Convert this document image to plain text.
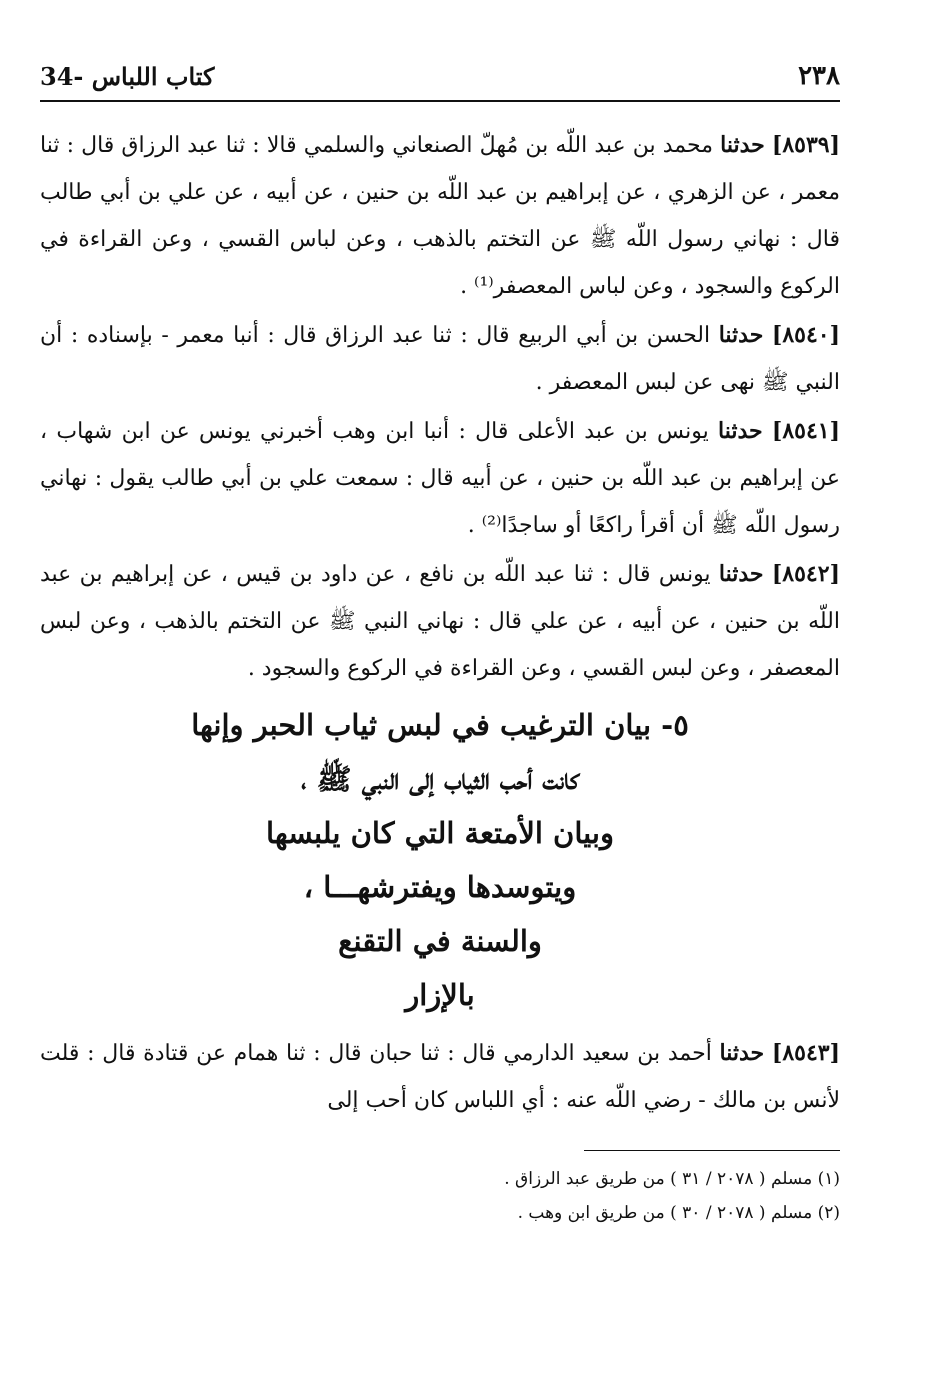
34- كتاب اللباس	٢٣٨

[٨٥٣٩] حدثنا محمد بن عبد اللّه بن مُهلّ الصنعاني والسلمي قالا : ثنا عبد الرزاق قال : ثنا معمر ، عن الزهري ، عن إبراهيم بن عبد اللّه بن حنين ، عن أبيه ، عن علي بن أبي طالب قال : نهاني رسول اللّه ﷺ عن التختم بالذهب ، وعن لباس القسي ، وعن القراءة في الركوع والسجود ، وعن لباس المعصفر⁽¹⁾ .

[٨٥٤٠] حدثنا الحسن بن أبي الربيع قال : ثنا عبد الرزاق قال : أنبا معمر - بإسناده : أن النبي ﷺ نهى عن لبس المعصفر .

[٨٥٤١] حدثنا يونس بن عبد الأعلى قال : أنبا ابن وهب أخبرني يونس عن ابن شهاب ، عن إبراهيم بن عبد اللّه بن حنين ، عن أبيه قال : سمعت علي بن أبي طالب يقول : نهاني رسول اللّه ﷺ أن أقرأ راكعًا أو ساجدًا⁽²⁾ .

[٨٥٤٢] حدثنا يونس قال : ثنا عبد اللّه بن نافع ، عن داود بن قيس ، عن إبراهيم بن عبد اللّه بن حنين ، عن أبيه ، عن علي قال : نهاني النبي ﷺ عن التختم بالذهب ، وعن لبس المعصفر ، وعن لبس القسي ، وعن القراءة في الركوع والسجود .

٥- بيان الترغيب في لبس ثياب الحبر وإنها
كانت أحب الثياب إلى النبي ﷺ ،
وبيان الأمتعة التي كان يلبسها
ويتوسدها ويفترشهـــا ،
والسنة في التقنع
بالإزار

[٨٥٤٣] حدثنا أحمد بن سعيد الدارمي قال : ثنا حبان قال : ثنا همام عن قتادة قال : قلت لأنس بن مالك - رضي اللّه عنه : أي اللباس كان أحب إلى

(١) مسلم ( ٢٠٧٨ / ٣١ ) من طريق عبد الرزاق .
(٢) مسلم ( ٢٠٧٨ / ٣٠ ) من طريق ابن وهب .
